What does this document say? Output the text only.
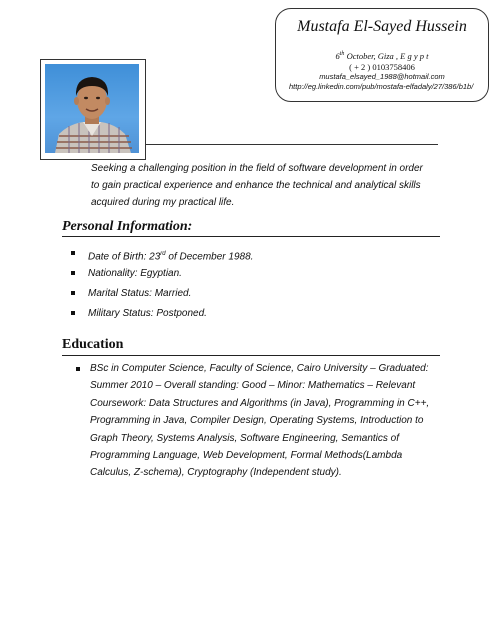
Mustafa El-Sayed Hussein
6th October, Giza , E g y p t
( + 2 ) 0103758406
mustafa_elsayed_1988@hotmail.com
http://eg.linkedin.com/pub/mostafa-elfadaly/27/386/b1b/
Seeking a challenging position in the field of software development in order to gain practical experience and enhance the technical and analytical skills acquired during my practical life.
Personal Information:
Date of Birth: 23rd of December 1988.
Nationality: Egyptian.
Marital Status: Married.
Military Status: Postponed.
Education
BSc in Computer Science, Faculty of Science, Cairo University – Graduated: Summer 2010 – Overall standing: Good – Minor: Mathematics – Relevant Coursework: Data Structures and Algorithms (in Java), Programming in C++, Programming in Java, Compiler Design, Operating Systems, Introduction to Graph Theory, Systems Analysis, Software Engineering, Semantics of Programming Language, Web Development, Formal Methods(Lambda Calculus, Z-schema), Cryptography (Independent study).
